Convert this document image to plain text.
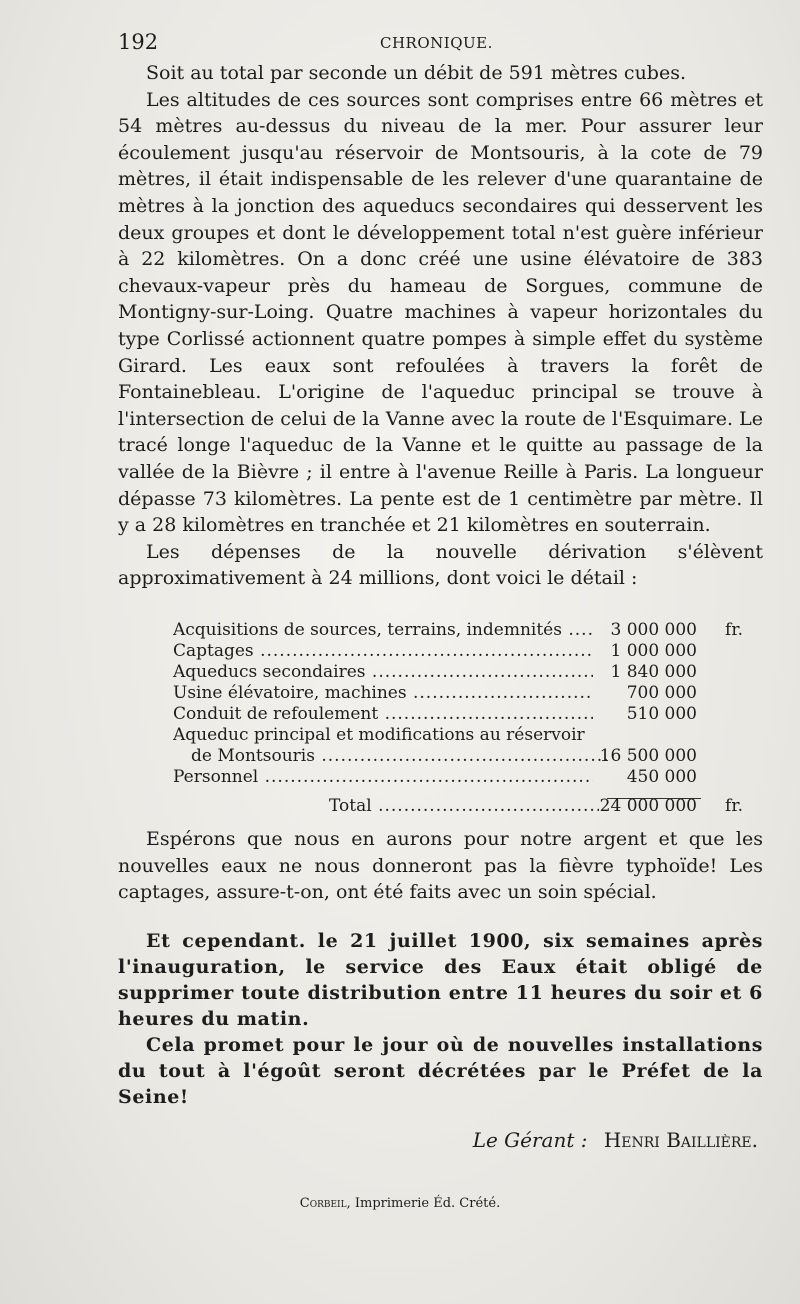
192	CHRONIQUE.

Soit au total par seconde un débit de 591 mètres cubes.

Les altitudes de ces sources sont comprises entre 66 mètres et 54 mètres au-dessus du niveau de la mer. Pour assurer leur écoulement jusqu'au réservoir de Montsouris, à la cote de 79 mètres, il était indispensable de les relever d'une quarantaine de mètres à la jonction des aqueducs secondaires qui desservent les deux groupes et dont le développement total n'est guère inférieur à 22 kilomètres. On a donc créé une usine élévatoire de 383 chevaux-vapeur près du hameau de Sorgues, commune de Montigny-sur-Loing. Quatre machines à vapeur horizontales du type Corlissé actionnent quatre pompes à simple effet du système Girard. Les eaux sont refoulées à travers la forêt de Fontainebleau. L'origine de l'aqueduc principal se trouve à l'intersection de celui de la Vanne avec la route de l'Esquimare. Le tracé longe l'aqueduc de la Vanne et le quitte au passage de la vallée de la Bièvre ; il entre à l'avenue Reille à Paris. La longueur dépasse 73 kilomètres. La pente est de 1 centimètre par mètre. Il y a 28 kilomètres en tranchée et 21 kilomètres en souterrain.

Les dépenses de la nouvelle dérivation s'élèvent approximativement à 24 millions, dont voici le détail :

Acquisitions de sources, terrains, indemnités .....	3 000 000 fr.
Captages .....	1 000 000
Aqueducs secondaires .....	1 840 000
Usine élévatoire, machines .....	700 000
Conduit de refoulement .....	510 000
Aqueduc principal et modifications au réservoir
de Montsouris .....	16 500 000
Personnel .....	450 000
Total .....	24 000 000 fr.

Espérons que nous en aurons pour notre argent et que les nouvelles eaux ne nous donneront pas la fièvre typhoïde! Les captages, assure-t-on, ont été faits avec un soin spécial.

Et cependant. le 21 juillet 1900, six semaines après l'inauguration, le service des Eaux était obligé de supprimer toute distribution entre 11 heures du soir et 6 heures du matin.

Cela promet pour le jour où de nouvelles installations du tout à l'égoût seront décrétées par le Préfet de la Seine!

Le Gérant : Henri Baillière.
Corbeil, Imprimerie Éd. Crété.
